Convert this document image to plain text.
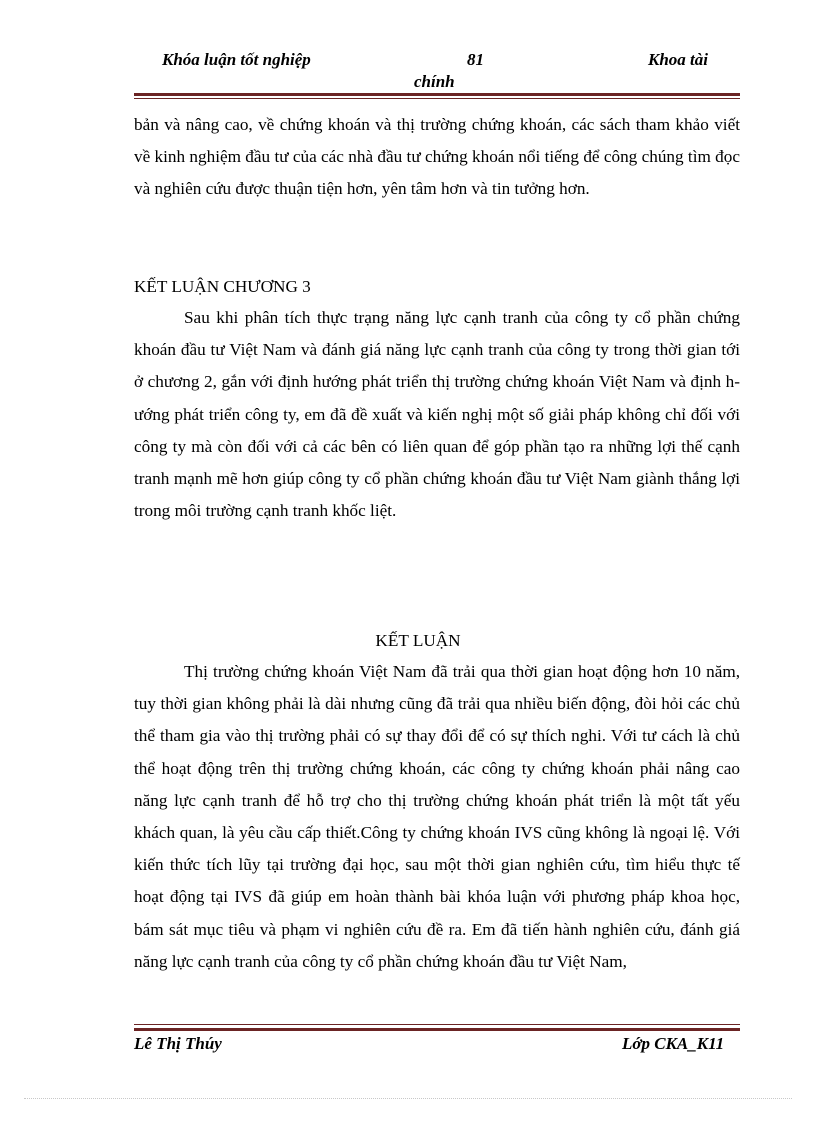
Khóa luận tốt nghiệp	81	Khoa tài
chính

bản và nâng cao, về chứng khoán và thị trường chứng khoán, các sách tham khảo viết về kinh nghiệm đầu tư của các nhà đầu tư chứng khoán nổi tiếng để công chúng tìm đọc và nghiên cứu được thuận tiện hơn, yên tâm hơn và tin tưởng hơn.

KẾT LUẬN CHƯƠNG 3

Sau khi phân tích thực trạng năng lực cạnh tranh của công ty cổ phần chứng khoán đầu tư Việt Nam và đánh giá năng lực cạnh tranh của công ty trong thời gian tới ở chương 2, gắn với định hướng phát triển thị trường chứng khoán Việt Nam và định hướng phát triển công ty, em đã đề xuất và kiến nghị một số giải pháp không chỉ đối với công ty mà còn đối với cả các bên có liên quan để góp phần tạo ra những lợi thế cạnh tranh mạnh mẽ hơn giúp công ty cổ phần chứng khoán đầu tư Việt Nam giành thắng lợi trong môi trường cạnh tranh khốc liệt.

KẾT LUẬN

Thị trường chứng khoán Việt Nam đã trải qua thời gian hoạt động hơn 10 năm, tuy thời gian không phải là dài nhưng cũng đã trải qua nhiều biến động, đòi hỏi các chủ thể tham gia vào thị trường phải có sự thay đổi để có sự thích nghi. Với tư cách là chủ thể hoạt động trên thị trường chứng khoán, các công ty chứng khoán phải nâng cao năng lực cạnh tranh để hỗ trợ cho thị trường chứng khoán phát triển là một tất yếu khách quan, là yêu cầu cấp thiết.Công ty chứng khoán IVS cũng không là ngoại lệ. Với kiến thức tích lũy tại trường đại học, sau một thời gian nghiên cứu, tìm hiểu thực tế hoạt động tại IVS đã giúp em hoàn thành bài khóa luận với phương pháp khoa học, bám sát mục tiêu và phạm vi nghiên cứu đề ra. Em đã tiến hành nghiên cứu, đánh giá năng lực cạnh tranh của công ty cổ phần chứng khoán đầu tư Việt Nam,

Lê Thị Thúy	Lớp CKA_K11
